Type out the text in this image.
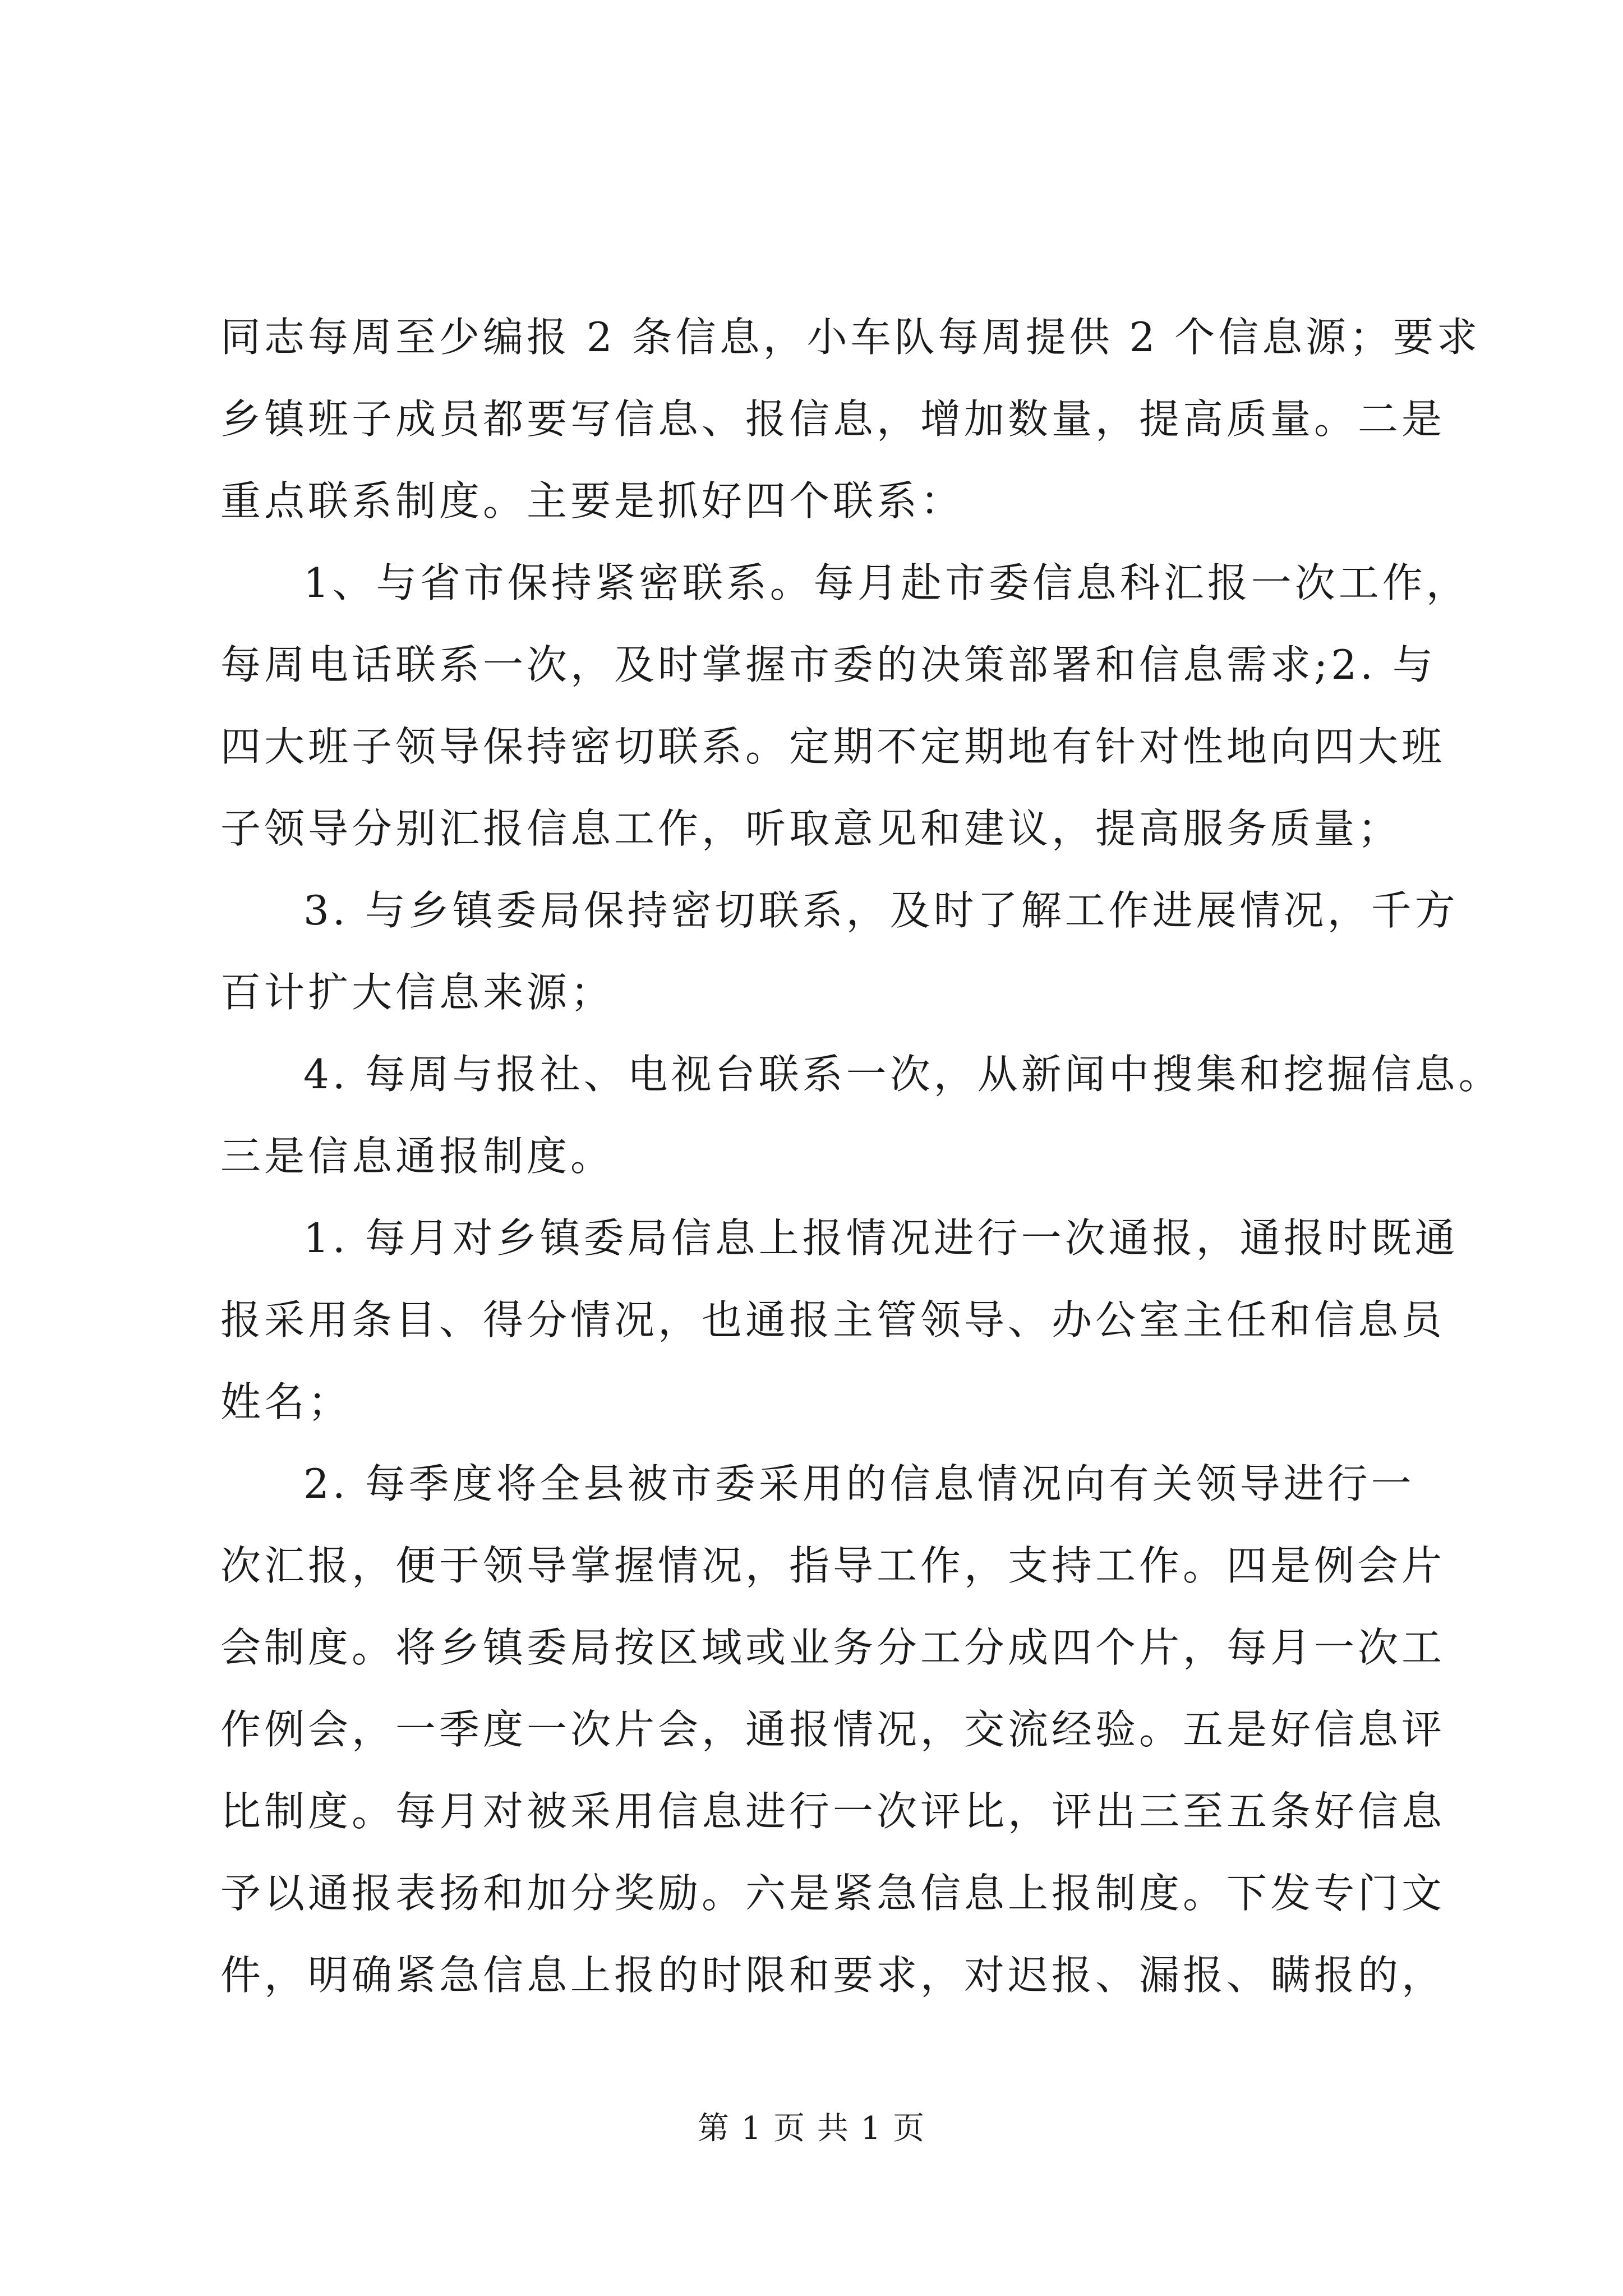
同志每周至少编报 2 条信息，小车队每周提供 2 个信息源；要求
乡镇班子成员都要写信息、报信息，增加数量，提高质量。二是
重点联系制度。主要是抓好四个联系：
1、与省市保持紧密联系。每月赴市委信息科汇报一次工作，
每周电话联系一次，及时掌握市委的决策部署和信息需求;2. 与
四大班子领导保持密切联系。定期不定期地有针对性地向四大班
子领导分别汇报信息工作，听取意见和建议，提高服务质量；
3. 与乡镇委局保持密切联系，及时了解工作进展情况，千方
百计扩大信息来源；
4. 每周与报社、电视台联系一次，从新闻中搜集和挖掘信息。
三是信息通报制度。
1. 每月对乡镇委局信息上报情况进行一次通报，通报时既通
报采用条目、得分情况，也通报主管领导、办公室主任和信息员
姓名；
2. 每季度将全县被市委采用的信息情况向有关领导进行一
次汇报，便于领导掌握情况，指导工作，支持工作。四是例会片
会制度。将乡镇委局按区域或业务分工分成四个片，每月一次工
作例会，一季度一次片会，通报情况，交流经验。五是好信息评
比制度。每月对被采用信息进行一次评比，评出三至五条好信息
予以通报表扬和加分奖励。六是紧急信息上报制度。下发专门文
件，明确紧急信息上报的时限和要求，对迟报、漏报、瞒报的，
第 1 页 共 1 页
